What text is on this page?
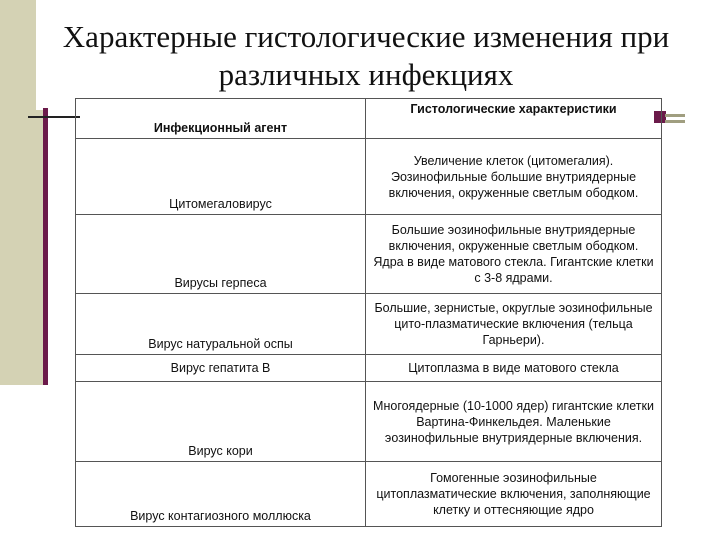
Характерные гистологические изменения при
различных инфекциях
Инфекционный агент	Гистологические характеристики
Цитомегаловирус	Увеличение клеток (цитомегалия). Эозинофильные большие внутриядерные включения, окруженные светлым ободком.
Вирусы герпеса	Большие эозинофильные внутриядерные включения, окруженные светлым ободком. Ядра в виде матового стекла. Гигантские клетки с 3-8 ядрами.
Вирус натуральной оспы	Большие, зернистые, округлые эозинофильные цито-плазматические включения (тельца Гарньери).
Вирус гепатита В	Цитоплазма в виде матового стекла
Вирус кори	Многоядерные (10-1000 ядер) гигантские клетки Вартина-Финкельдея. Маленькие эозинофильные внутриядерные включения.
Вирус контагиозного моллюска	Гомогенные эозинофильные цитоплазматические включения, заполняющие клетку и оттесняющие ядро
